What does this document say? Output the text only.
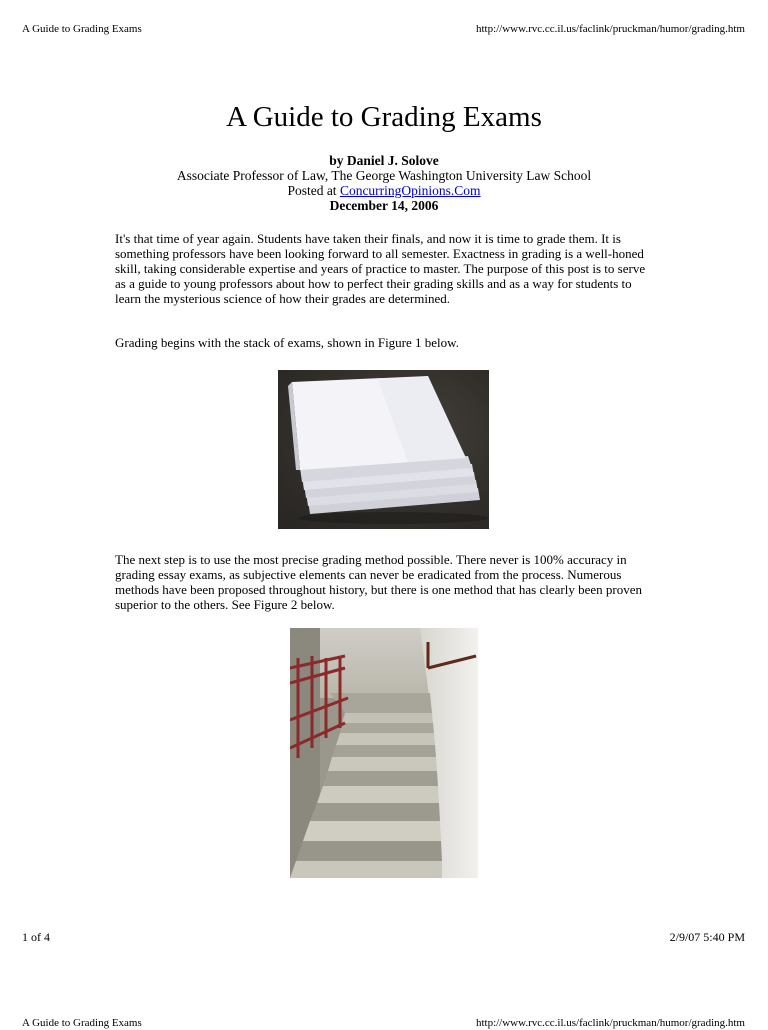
A Guide to Grading Exams	http://www.rvc.cc.il.us/faclink/pruckman/humor/grading.htm
A Guide to Grading Exams
by Daniel J. Solove
Associate Professor of Law, The George Washington University Law School
Posted at ConcurringOpinions.Com
December 14, 2006

It's that time of year again. Students have taken their finals, and now it is time to grade them. It is something professors have been looking forward to all semester. Exactness in grading is a well-honed skill, taking considerable expertise and years of practice to master. The purpose of this post is to serve as a guide to young professors about how to perfect their grading skills and as a way for students to learn the mysterious science of how their grades are determined.

Grading begins with the stack of exams, shown in Figure 1 below.

The next step is to use the most precise grading method possible. There never is 100% accuracy in grading essay exams, as subjective elements can never be eradicated from the process. Numerous methods have been proposed throughout history, but there is one method that has clearly been proven superior to the others. See Figure 2 below.

1 of 4	2/9/07 5:40 PM
A Guide to Grading Exams	http://www.rvc.cc.il.us/faclink/pruckman/humor/grading.htm
